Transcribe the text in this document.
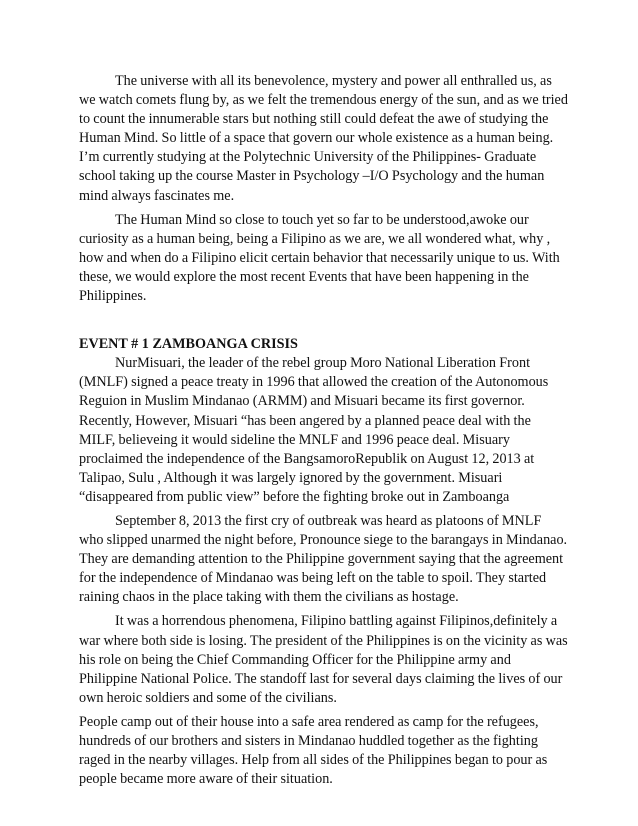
The universe with all its benevolence, mystery and power all enthralled us, as we watch comets flung by, as we felt the tremendous energy of the sun, and as we tried to count the innumerable stars but nothing still could defeat the awe of studying the Human Mind. So little of a space that govern our whole existence as a human being. I’m currently studying at the Polytechnic University of the Philippines- Graduate school taking up the course Master in Psychology –I/O Psychology and the human mind always fascinates me.

The Human Mind so close to touch yet so far to be understood,awoke our curiosity as a human being, being a Filipino as we are, we all wondered what, why , how and when do a Filipino elicit certain behavior that necessarily unique to us. With these, we would explore the most recent Events that have been happening in the Philippines.

EVENT # 1 ZAMBOANGA CRISIS

NurMisuari, the leader of the rebel group Moro National Liberation Front (MNLF) signed a peace treaty in 1996 that allowed the creation of the Autonomous Reguion in Muslim Mindanao (ARMM) and Misuari became its first governor. Recently, However, Misuari “has been angered by a planned peace deal with the MILF, believeing it would sideline the MNLF and 1996 peace deal. Misuary proclaimed the independence of the BangsamoroRepublik on August 12, 2013 at Talipao, Sulu , Although it was largely ignored by the government. Misuari “disappeared from public view” before the fighting broke out in Zamboanga

September 8, 2013 the first cry of outbreak was heard as platoons of MNLF who slipped unarmed the night before, Pronounce siege to the barangays in Mindanao. They are demanding attention to the Philippine government saying that the agreement for the independence of Mindanao was being left on the table to spoil. They started raining chaos in the place taking with them the civilians as hostage.

It was a horrendous phenomena, Filipino battling against Filipinos,definitely a war where both side is losing. The president of the Philippines is on the vicinity as was his role on being the Chief Commanding Officer for the Philippine army and Philippine National Police. The standoff last for several days claiming the lives of our own heroic soldiers and some of the civilians.

People camp out of their house into a safe area rendered as camp for the refugees, hundreds of our brothers and sisters in Mindanao huddled together as the fighting raged in the nearby villages. Help from all sides of the Philippines began to pour as people became more aware of their situation.
